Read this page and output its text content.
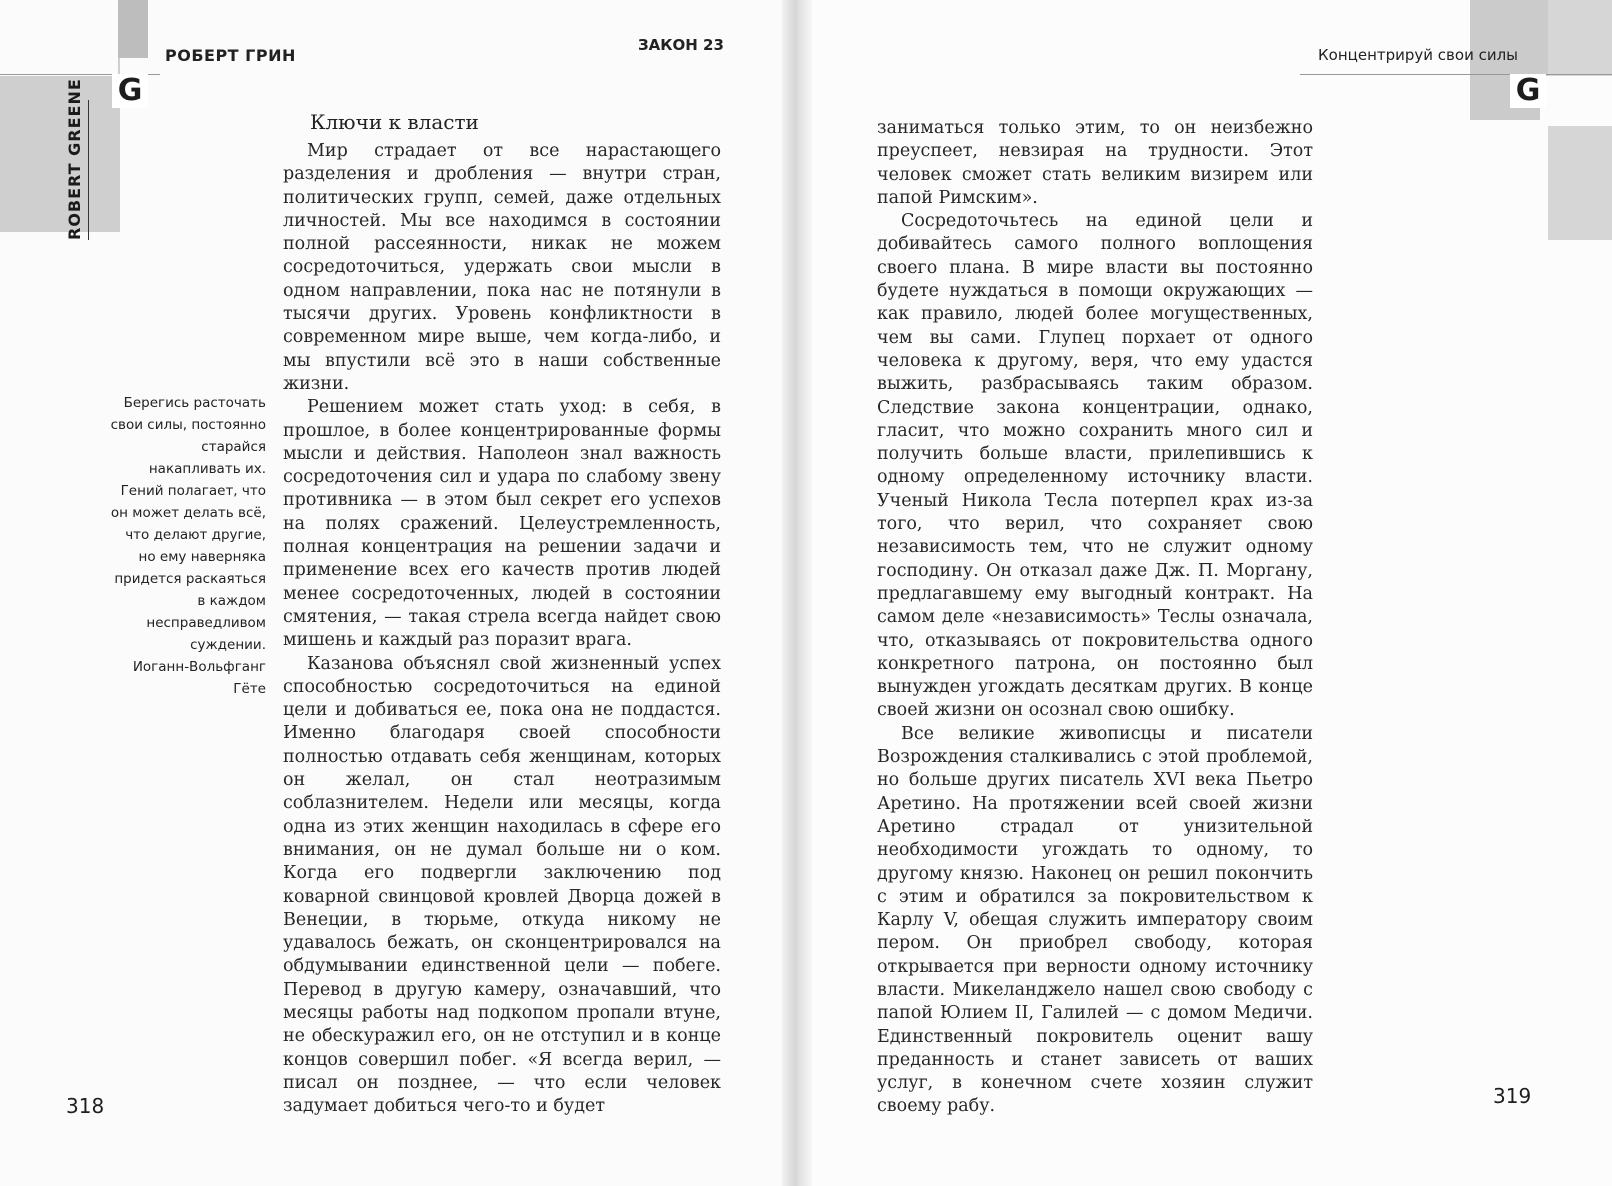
G
ROBERT GREENE
РОБЕРТ ГРИН
ЗАКОН 23
G
Концентрируй свои силы
Ключи к власти

Мир страдает от все нарастающего разделения и дробления — внутри стран, политических групп, семей, даже отдельных личностей. Мы все находимся в состоянии полной рассеянности, никак не можем сосредоточиться, удержать свои мысли в одном направлении, пока нас не потянули в тысячи других. Уровень конфликтности в современном мире выше, чем когда-либо, и мы впустили всё это в наши собственные жизни.

Решением может стать уход: в себя, в прошлое, в более концентрированные формы мысли и действия. Наполеон знал важность сосредоточения сил и удара по слабому звену противника — в этом был секрет его успехов на полях сражений. Целеустремленность, полная концентрация на решении задачи и применение всех его качеств против людей менее сосредоточенных, людей в состоянии смятения, — такая стрела всегда найдет свою мишень и каждый раз поразит врага.

Казанова объяснял свой жизненный успех способностью сосредоточиться на единой цели и добиваться ее, пока она не поддастся. Именно благодаря своей способности полностью отдавать себя женщинам, которых он желал, он стал неотразимым соблазнителем. Недели или месяцы, когда одна из этих женщин находилась в сфере его внимания, он не думал больше ни о ком. Когда его подвергли заключению под коварной свинцовой кровлей Дворца дожей в Венеции, в тюрьме, откуда никому не удавалось бежать, он сконцентрировался на обдумывании единственной цели — побеге. Перевод в другую камеру, означавший, что месяцы работы над подкопом пропали втуне, не обескуражил его, он не отступил и в конце концов совершил побег. «Я всегда верил, — писал он позднее, — что если человек задумает добиться чего-то и будет

Берегись расточать свои силы, постоянно старайся накапливать их. Гений полагает, что он может делать всё, что делают другие, но ему наверняка придется раскаяться в каждом несправедливом суждении.

Иоганн-Вольфганг Гёте

318

заниматься только этим, то он неизбежно преуспеет, невзирая на трудности. Этот человек сможет стать великим визирем или папой Римским».

Сосредоточьтесь на единой цели и добивайтесь самого полного воплощения своего плана. В мире власти вы постоянно будете нуждаться в помощи окружающих — как правило, людей более могущественных, чем вы сами. Глупец порхает от одного человека к другому, веря, что ему удастся выжить, разбрасываясь таким образом. Следствие закона концентрации, однако, гласит, что можно сохранить много сил и получить больше власти, прилепившись к одному определенному источнику власти. Ученый Никола Тесла потерпел крах из-за того, что верил, что сохраняет свою независимость тем, что не служит одному господину. Он отказал даже Дж. П. Моргану, предлагавшему ему выгодный контракт. На самом деле «независимость» Теслы означала, что, отказываясь от покровительства одного конкретного патрона, он постоянно был вынужден угождать десяткам других. В конце своей жизни он осознал свою ошибку.

Все великие живописцы и писатели Возрождения сталкивались с этой проблемой, но больше других писатель XVI века Пьетро Аретино. На протяжении всей своей жизни Аретино страдал от унизительной необходимости угождать то одному, то другому князю. Наконец он решил покончить с этим и обратился за покровительством к Карлу V, обещая служить императору своим пером. Он приобрел свободу, которая открывается при верности одному источнику власти. Микеланджело нашел свою свободу с папой Юлием II, Галилей — с домом Медичи. Единственный покровитель оценит вашу преданность и станет зависеть от ваших услуг, в конечном счете хозяин служит своему рабу.	319
